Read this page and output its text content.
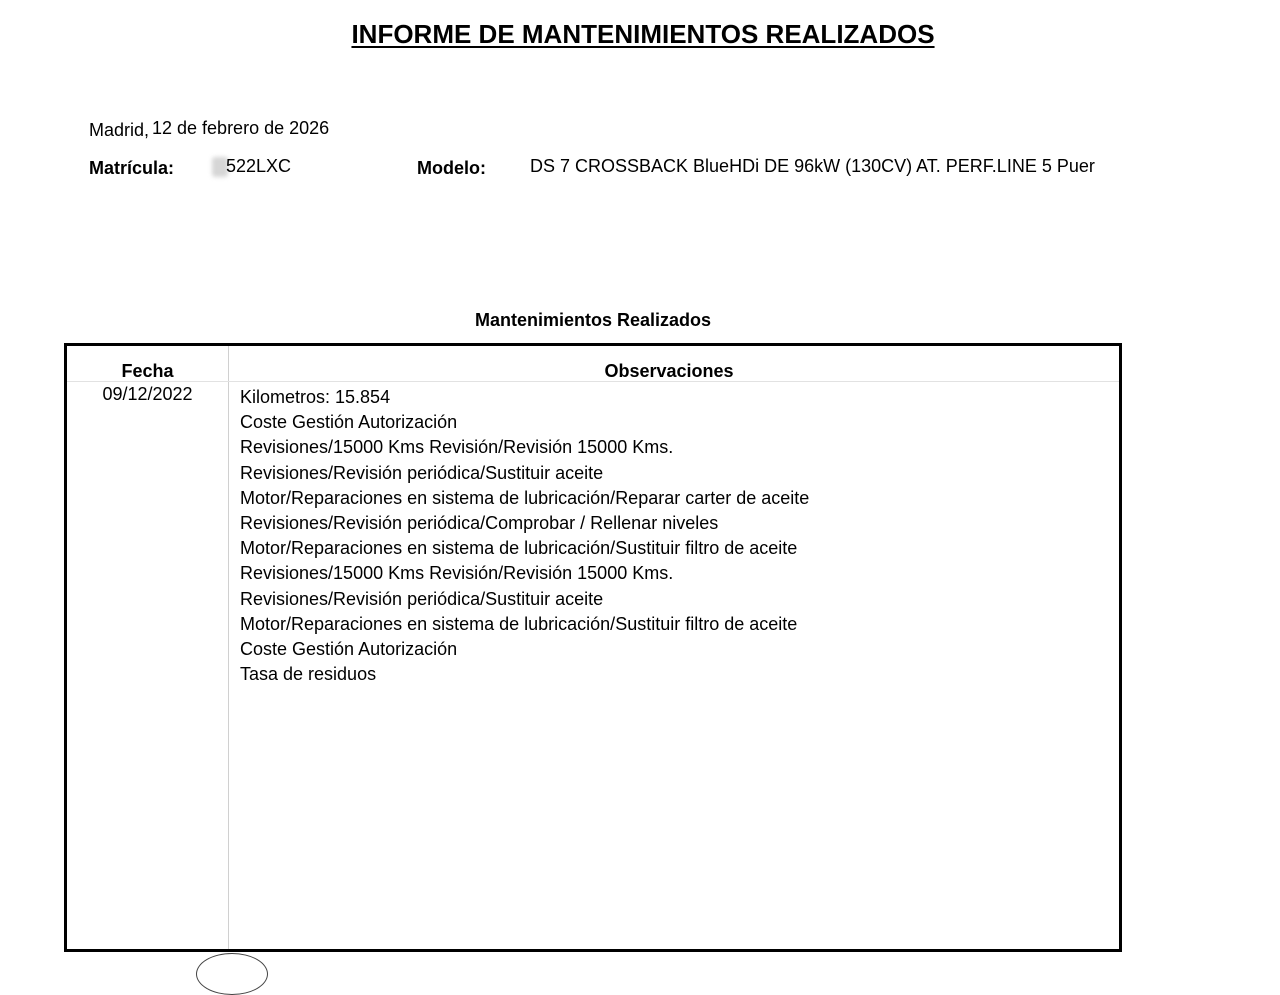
INFORME DE MANTENIMIENTOS REALIZADOS
Madrid, 12 de febrero de 2026
Matrícula:	522LXC	Modelo: DS 7 CROSSBACK BlueHDi DE 96kW (130CV) AT. PERF.LINE 5 Puer
Mantenimientos Realizados
Fecha	Observaciones
09/12/2022	Kilometros: 15.854
Coste Gestión Autorización
Revisiones/15000 Kms Revisión/Revisión 15000 Kms.
Revisiones/Revisión periódica/Sustituir aceite
Motor/Reparaciones en sistema de lubricación/Reparar carter de aceite
Revisiones/Revisión periódica/Comprobar / Rellenar niveles
Motor/Reparaciones en sistema de lubricación/Sustituir filtro de aceite
Revisiones/15000 Kms Revisión/Revisión 15000 Kms.
Revisiones/Revisión periódica/Sustituir aceite
Motor/Reparaciones en sistema de lubricación/Sustituir filtro de aceite
Coste Gestión Autorización
Tasa de residuos
